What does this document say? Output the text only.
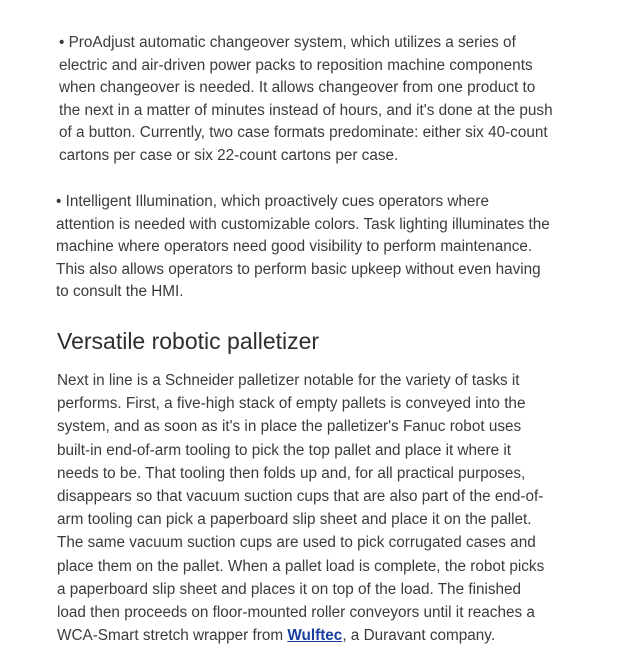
• ProAdjust automatic changeover system, which utilizes a series of
electric and air-driven power packs to reposition machine components
when changeover is needed. It allows changeover from one product to
the next in a matter of minutes instead of hours, and it's done at the push
of a button. Currently, two case formats predominate: either six 40-count
cartons per case or six 22-count cartons per case.
• Intelligent Illumination, which proactively cues operators where
attention is needed with customizable colors. Task lighting illuminates the
machine where operators need good visibility to perform maintenance.
This also allows operators to perform basic upkeep without even having
to consult the HMI.
Versatile robotic palletizer
Next in line is a Schneider palletizer notable for the variety of tasks it
performs. First, a five-high stack of empty pallets is conveyed into the
system, and as soon as it's in place the palletizer's Fanuc robot uses
built-in end-of-arm tooling to pick the top pallet and place it where it
needs to be. That tooling then folds up and, for all practical purposes,
disappears so that vacuum suction cups that are also part of the end-of-
arm tooling can pick a paperboard slip sheet and place it on the pallet.
The same vacuum suction cups are used to pick corrugated cases and
place them on the pallet. When a pallet load is complete, the robot picks
a paperboard slip sheet and places it on top of the load. The finished
load then proceeds on floor-mounted roller conveyors until it reaches a
WCA-Smart stretch wrapper from Wulftec, a Duravant company.
